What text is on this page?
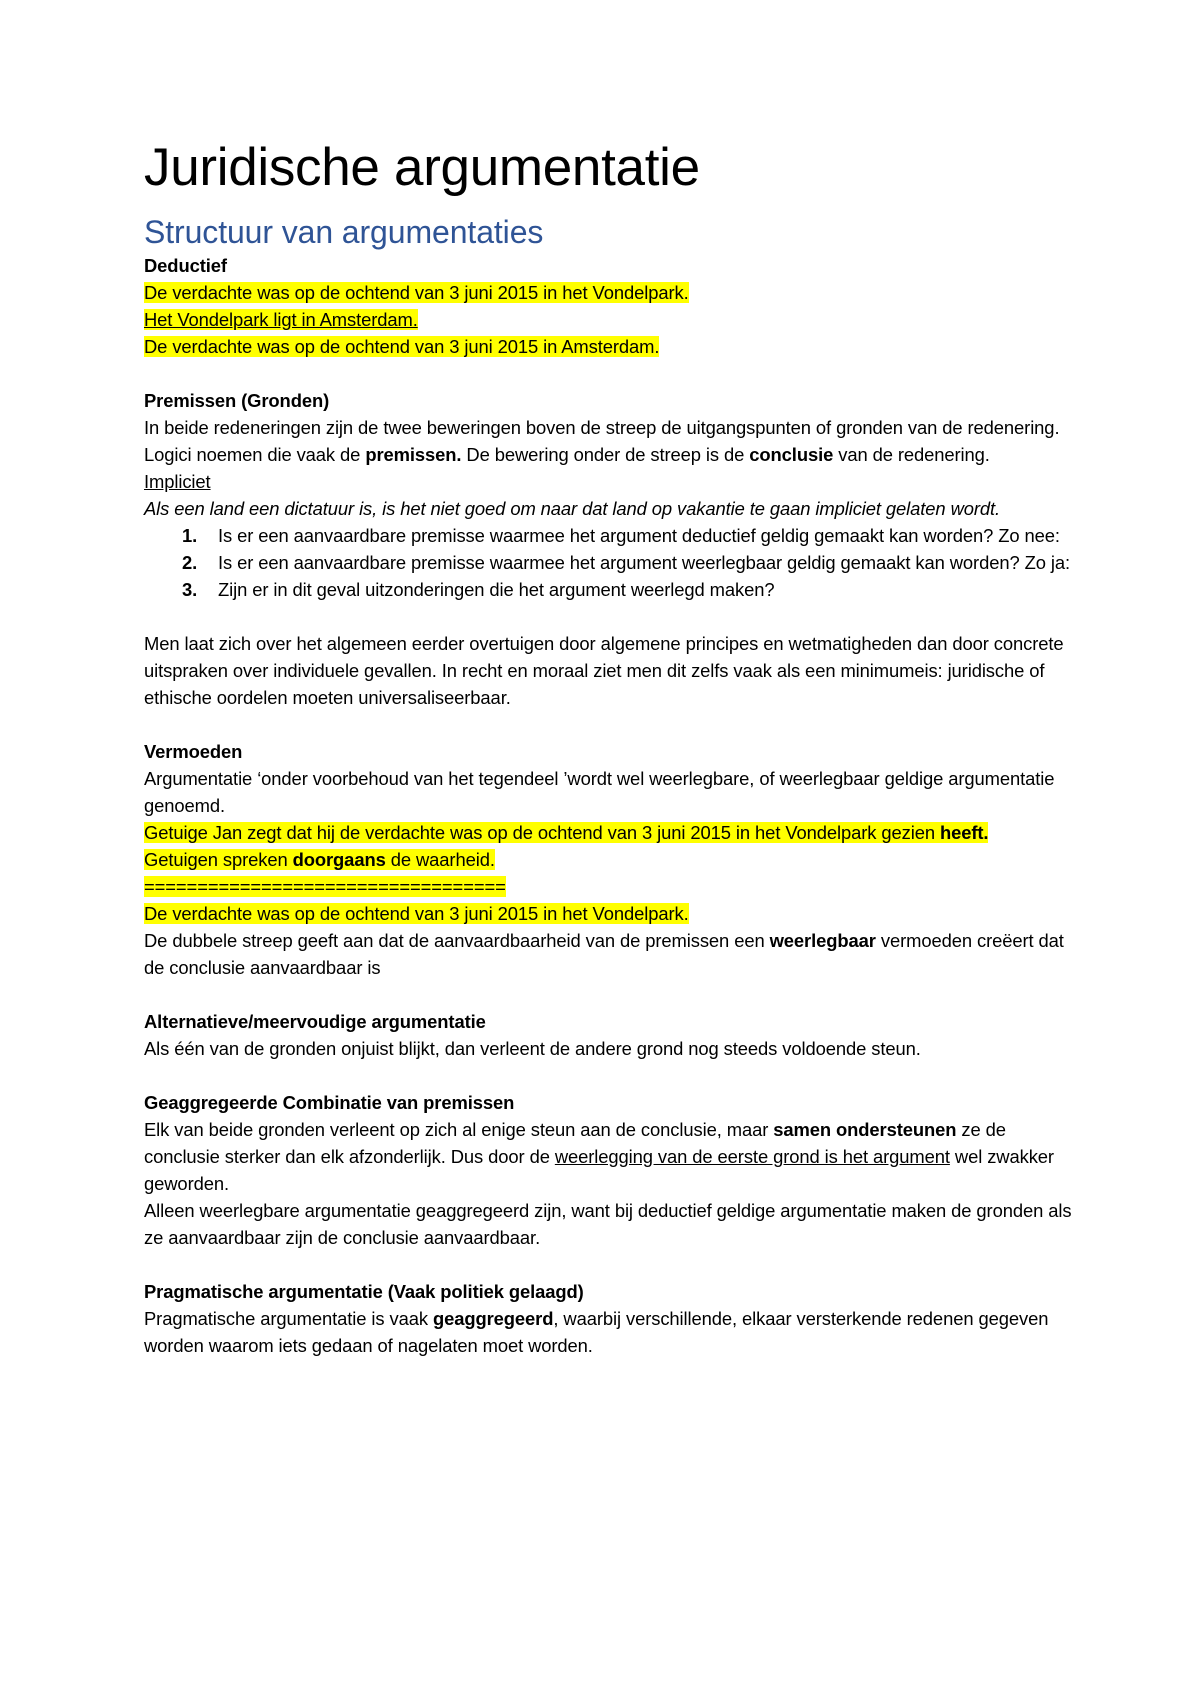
Juridische argumentatie
Structuur van argumentaties
Deductief
De verdachte was op de ochtend van 3 juni 2015 in het Vondelpark.
Het Vondelpark ligt in Amsterdam.
De verdachte was op de ochtend van 3 juni 2015 in Amsterdam.
Premissen (Gronden)
In beide redeneringen zijn de twee beweringen boven de streep de uitgangspunten of gronden van de redenering. Logici noemen die vaak de premissen. De bewering onder de streep is de conclusie van de redenering.
Impliciet
Als een land een dictatuur is, is het niet goed om naar dat land op vakantie te gaan impliciet gelaten wordt.
1. Is er een aanvaardbare premisse waarmee het argument deductief geldig gemaakt kan worden? Zo nee:
2. Is er een aanvaardbare premisse waarmee het argument weerlegbaar geldig gemaakt kan worden? Zo ja:
3. Zijn er in dit geval uitzonderingen die het argument weerlegd maken?
Men laat zich over het algemeen eerder overtuigen door algemene principes en wetmatigheden dan door concrete uitspraken over individuele gevallen. In recht en moraal ziet men dit zelfs vaak als een minimumeis: juridische of ethische oordelen moeten universaliseerbaar.
Vermoeden
Argumentatie ‘onder voorbehoud van het tegendeel ’wordt wel weerlegbare, of weerlegbaar geldige argumentatie genoemd.
Getuige Jan zegt dat hij de verdachte was op de ochtend van 3 juni 2015 in het Vondelpark gezien heeft.
Getuigen spreken doorgaans de waarheid.
==================================
De verdachte was op de ochtend van 3 juni 2015 in het Vondelpark.
De dubbele streep geeft aan dat de aanvaardbaarheid van de premissen een weerlegbaar vermoeden creëert dat de conclusie aanvaardbaar is
Alternatieve/meervoudige argumentatie
Als één van de gronden onjuist blijkt, dan verleent de andere grond nog steeds voldoende steun.
Geaggregeerde Combinatie van premissen
Elk van beide gronden verleent op zich al enige steun aan de conclusie, maar samen ondersteunen ze de conclusie sterker dan elk afzonderlijk. Dus door de weerlegging van de eerste grond is het argument wel zwakker geworden.
Alleen weerlegbare argumentatie geaggregeerd zijn, want bij deductief geldige argumentatie maken de gronden als ze aanvaardbaar zijn de conclusie aanvaardbaar.
Pragmatische argumentatie (Vaak politiek gelaagd)
Pragmatische argumentatie is vaak geaggregeerd, waarbij verschillende, elkaar versterkende redenen gegeven worden waarom iets gedaan of nagelaten moet worden.
